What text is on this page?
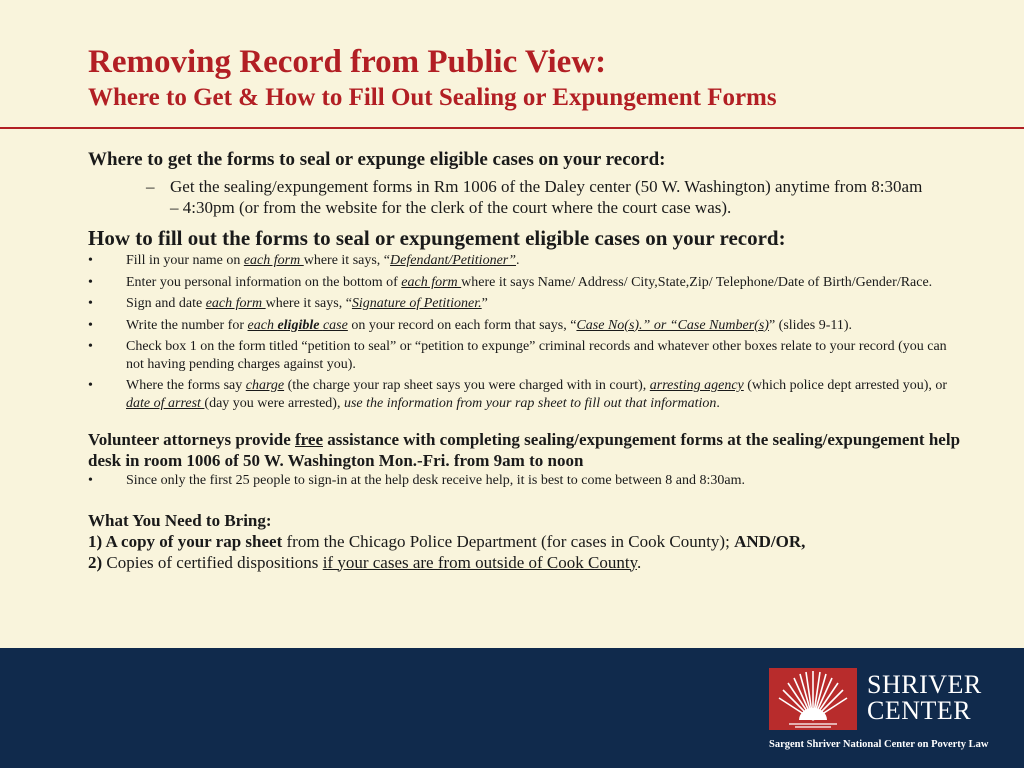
Removing Record from Public View:
Where to Get & How to Fill Out Sealing or Expungement Forms

Where to get the forms to seal or expunge eligible cases on your record:

– Get the sealing/expungement forms in Rm 1006 of the Daley center (50 W. Washington) anytime from 8:30am – 4:30pm (or from the website for the clerk of the court where the court case was).

How to fill out the forms to seal or expungement eligible cases on your record:

• Fill in your name on each form where it says, “Defendant/Petitioner”.
• Enter you personal information on the bottom of each form where it says Name/ Address/ City,State,Zip/ Telephone/Date of Birth/Gender/Race.
• Sign and date each form where it says, “Signature of Petitioner.”
• Write the number for each eligible case on your record on each form that says, “Case No(s).” or “Case Number(s)” (slides 9-11).
• Check box 1 on the form titled “petition to seal” or “petition to expunge” criminal records and whatever other boxes relate to your record (you can not having pending charges against you).
• Where the forms say charge (the charge your rap sheet says you were charged with in court), arresting agency (which police dept arrested you), or date of arrest (day you were arrested), use the information from your rap sheet to fill out that information.

Volunteer attorneys provide free assistance with completing sealing/expungement forms at the sealing/expungement help desk in room 1006 of 50 W. Washington Mon.-Fri. from 9am to noon

• Since only the first 25 people to sign-in at the help desk receive help, it is best to come between 8 and 8:30am.

What You Need to Bring:

1) A copy of your rap sheet from the Chicago Police Department (for cases in Cook County); AND/OR,

2) Copies of certified dispositions if your cases are from outside of Cook County.

SHRIVER
CENTER
Sargent Shriver National Center on Poverty Law
